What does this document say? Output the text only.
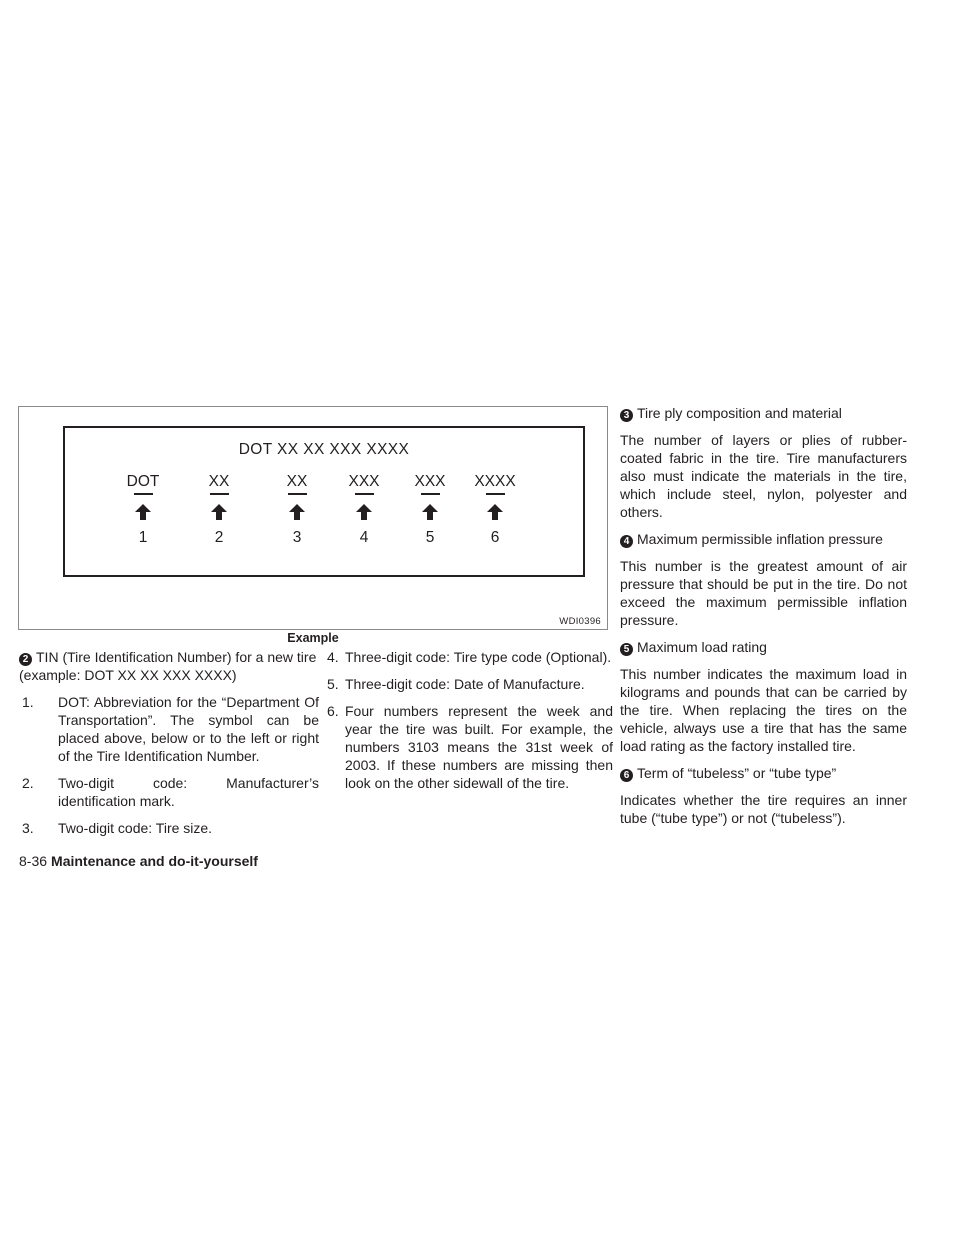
DOT XX XX XXX XXXX
DOT
1
XX
2
XX
3
XXX
4
XXX
5
XXXX
6
WDI0396
Example

2 TIN (Tire Identification Number) for a new tire (example: DOT XX XX XXX XXXX)

1. DOT: Abbreviation for the “Department Of Transportation”. The symbol can be placed above, below or to the left or right of the Tire Identification Number.
2. Two-digit code: Manufacturer’s identification mark.
3. Two-digit code: Tire size.
4. Three-digit code: Tire type code (Optional).
5. Three-digit code: Date of Manufacture.
6. Four numbers represent the week and year the tire was built. For example, the numbers 3103 means the 31st week of 2003. If these numbers are missing then look on the other sidewall of the tire.

3 Tire ply composition and material

The number of layers or plies of rubber-coated fabric in the tire. Tire manufacturers also must indicate the materials in the tire, which include steel, nylon, polyester and others.

4 Maximum permissible inflation pressure

This number is the greatest amount of air pressure that should be put in the tire. Do not exceed the maximum permissible inflation pressure.

5 Maximum load rating

This number indicates the maximum load in kilograms and pounds that can be carried by the tire. When replacing the tires on the vehicle, always use a tire that has the same load rating as the factory installed tire.

6 Term of “tubeless” or “tube type”

Indicates whether the tire requires an inner tube (“tube type”) or not (“tubeless”).

8-36 Maintenance and do-it-yourself
